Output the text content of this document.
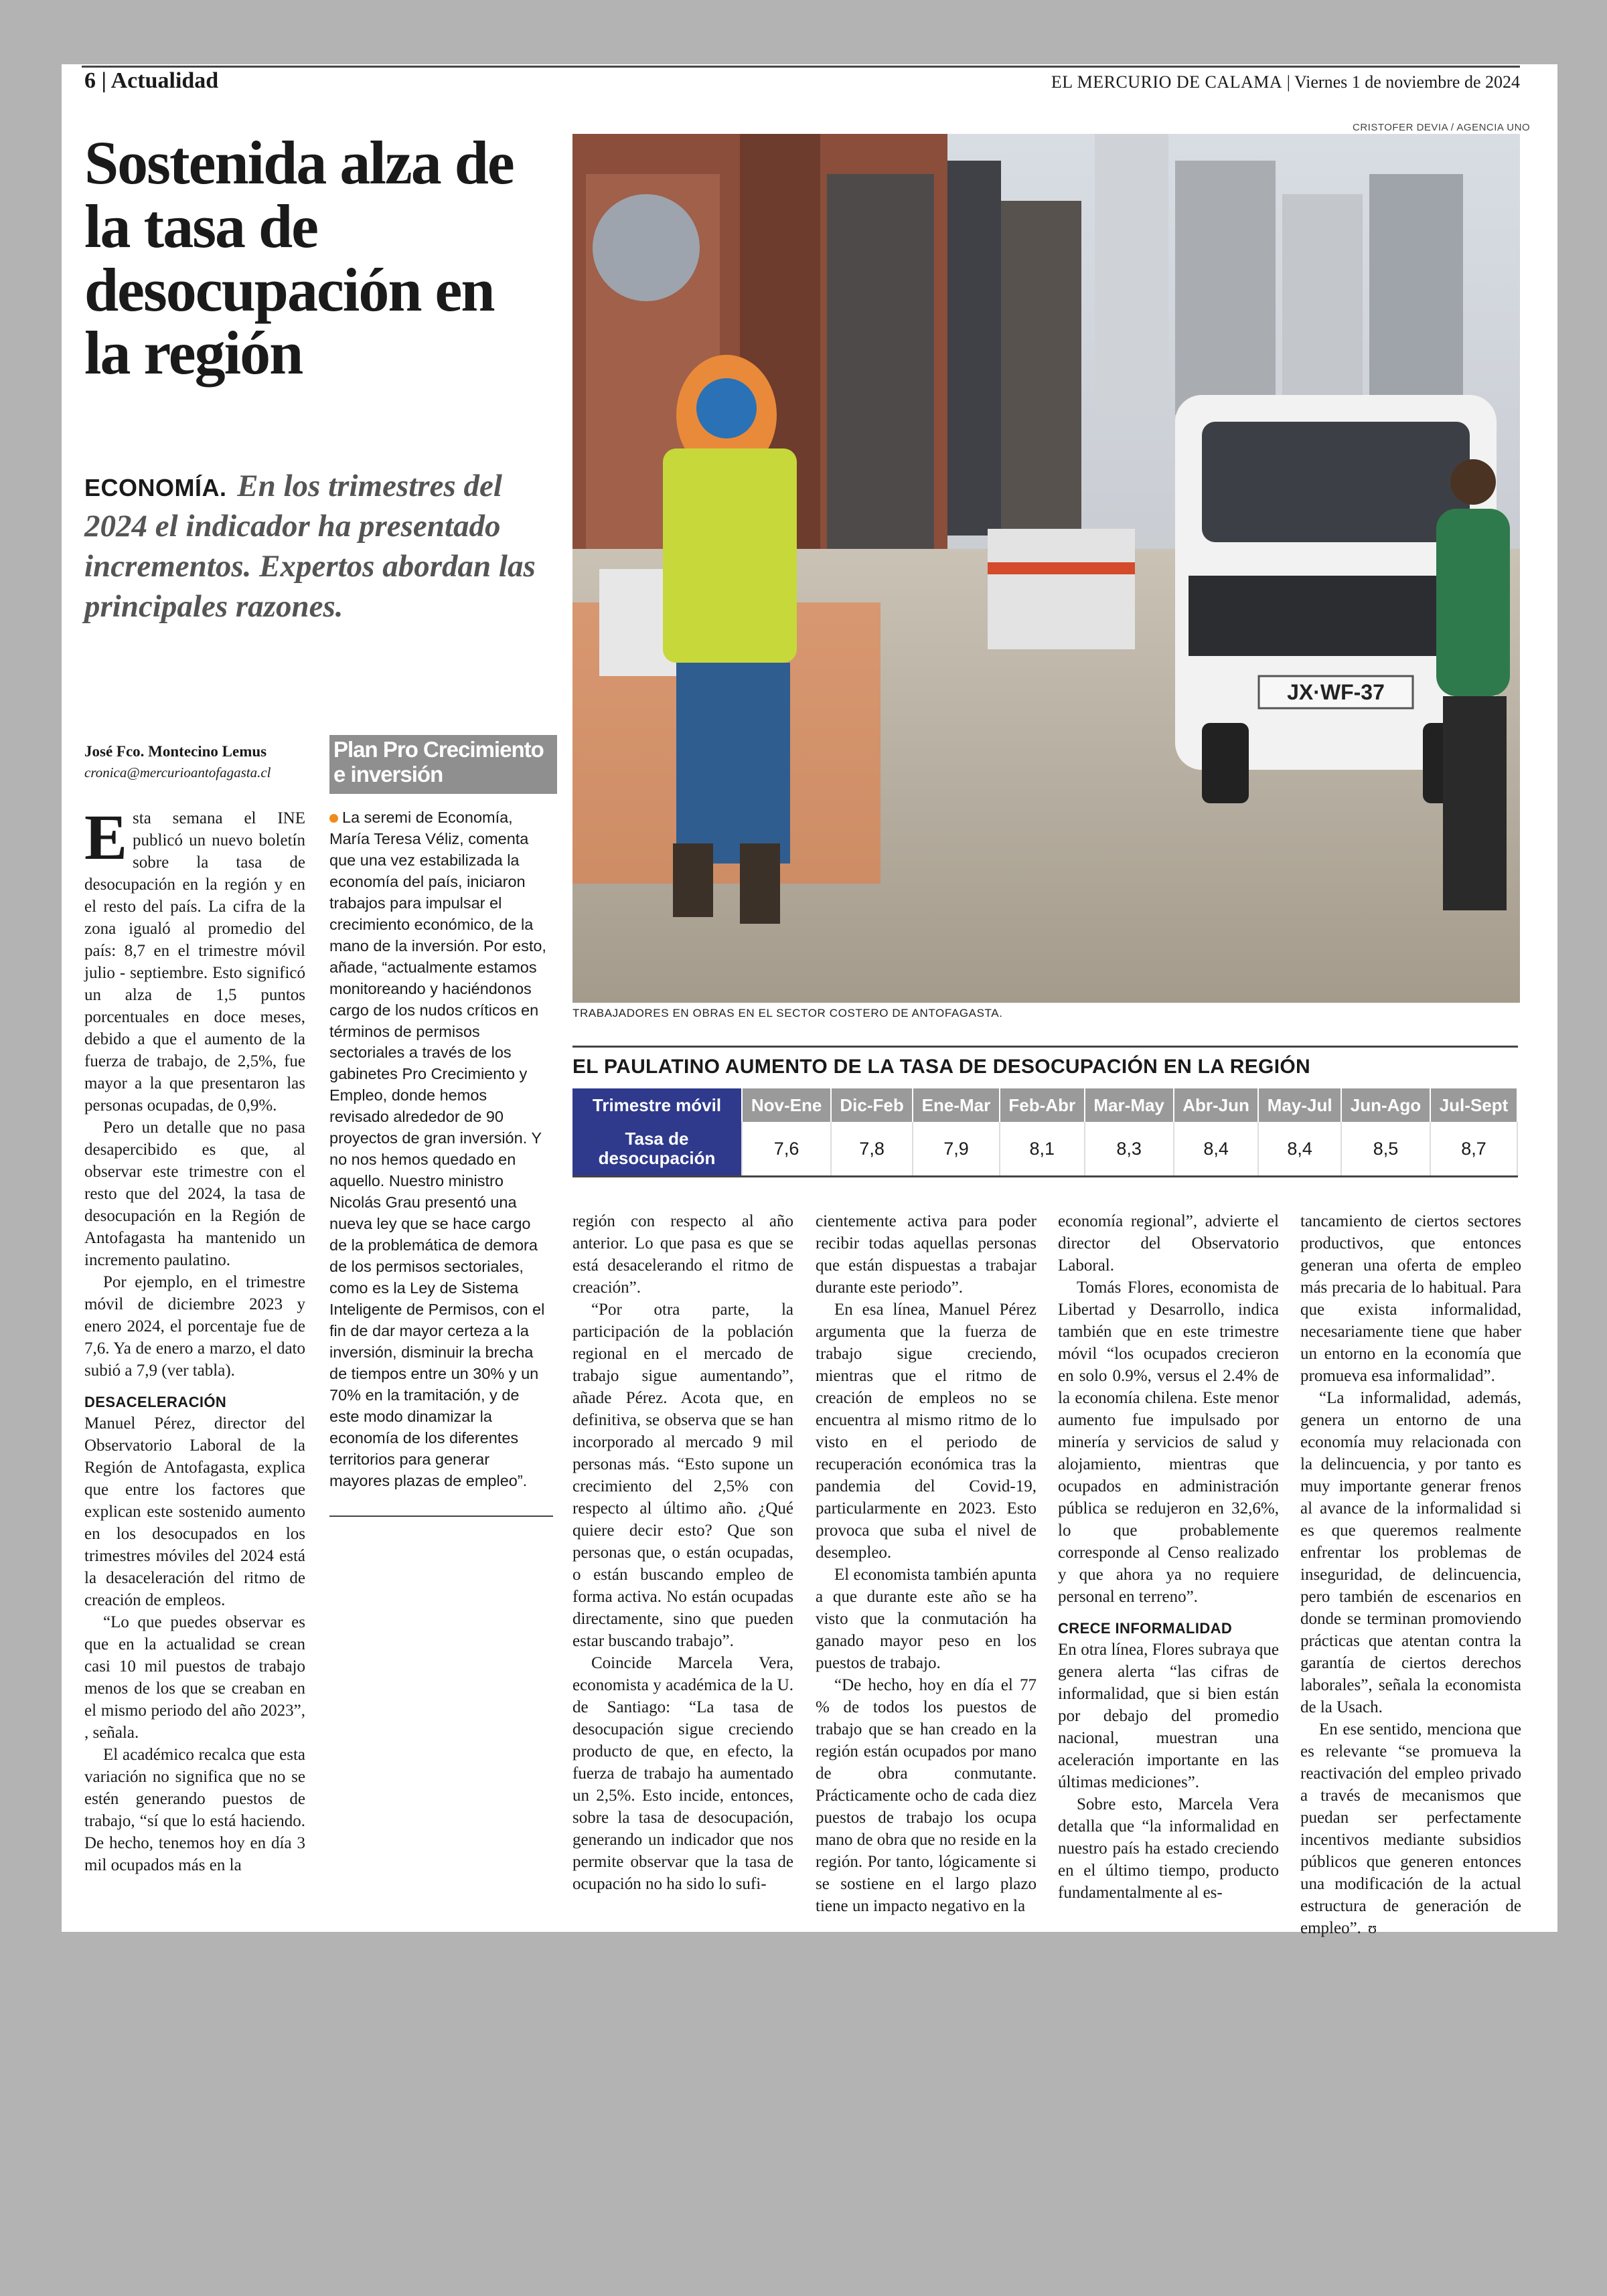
6 | Actualidad	EL MERCURIO DE CALAMA | Viernes 1 de noviembre de 2024
Sostenida alza de la tasa de desocupación en la región
ECONOMÍA. En los trimestres del 2024 el indicador ha presentado incrementos. Expertos abordan las principales razones.
CRISTOFER DEVIA / AGENCIA UNO
JX·WF-37
TRABAJADORES EN OBRAS EN EL SECTOR COSTERO DE ANTOFAGASTA.
José Fco. Montecino Lemus
cronica@mercurioantofagasta.cl

Esta semana el INE publicó un nuevo boletín sobre la tasa de desocupación en la región y en el resto del país. La cifra de la zona igualó al promedio del país: 8,7 en el trimestre móvil julio - septiembre. Esto significó un alza de 1,5 puntos porcentuales en doce meses, debido a que el aumento de la fuerza de trabajo, de 2,5%, fue mayor a la que presentaron las personas ocupadas, de 0,9%.

Pero un detalle que no pasa desapercibido es que, al observar este trimestre con el resto que del 2024, la tasa de desocupación en la Región de Antofagasta ha mantenido un incremento paulatino.

Por ejemplo, en el trimestre móvil de diciembre 2023 y enero 2024, el porcentaje fue de 7,6. Ya de enero a marzo, el dato subió a 7,9 (ver tabla).

DESACELERACIÓN

Manuel Pérez, director del Observatorio Laboral de la Región de Antofagasta, explica que entre los factores que explican este sostenido aumento en los desocupados en los trimestres móviles del 2024 está la desaceleración del ritmo de creación de empleos.

“Lo que puedes observar es que en la actualidad se crean casi 10 mil puestos de trabajo menos de los que se creaban en el mismo periodo del año 2023”, , señala.

El académico recalca que esta variación no significa que no se estén generando puestos de trabajo, “sí que lo está haciendo. De hecho, tenemos hoy en día 3 mil ocupados más en la

Plan Pro Crecimiento e inversión
La seremi de Economía, María Teresa Véliz, comenta que una vez estabilizada la economía del país, iniciaron trabajos para impulsar el crecimiento económico, de la mano de la inversión. Por esto, añade, “actualmente estamos monitoreando y haciéndonos cargo de los nudos críticos en términos de permisos sectoriales a través de los gabinetes Pro Crecimiento y Empleo, donde hemos revisado alrededor de 90 proyectos de gran inversión. Y no nos hemos quedado en aquello. Nuestro ministro Nicolás Grau presentó una nueva ley que se hace cargo de la problemática de demora de los permisos sectoriales, como es la Ley de Sistema Inteligente de Permisos, con el fin de dar mayor certeza a la inversión, disminuir la brecha de tiempos entre un 30% y un 70% en la tramitación, y de este modo dinamizar la economía de los diferentes territorios para generar mayores plazas de empleo”.
EL PAULATINO AUMENTO DE LA TASA DE DESOCUPACIÓN EN LA REGIÓN
Trimestre móvil	Nov-Ene	Dic-Feb	Ene-Mar	Feb-Abr	Mar-May	Abr-Jun	May-Jul	Jun-Ago	Jul-Sept
Tasa de desocupación	7,6	7,8	7,9	8,1	8,3	8,4	8,4	8,5	8,7

región con respecto al año anterior. Lo que pasa es que se está desacelerando el ritmo de creación”.

“Por otra parte, la participación de la población regional en el mercado de trabajo sigue aumentando”, añade Pérez. Acota que, en definitiva, se observa que se han incorporado al mercado 9 mil personas más. “Esto supone un crecimiento del 2,5% con respecto al último año. ¿Qué quiere decir esto? Que son personas que, o están ocupadas, o están buscando empleo de forma activa. No están ocupadas directamente, sino que pueden estar buscando trabajo”.

Coincide Marcela Vera, economista y académica de la U. de Santiago: “La tasa de desocupación sigue creciendo producto de que, en efecto, la fuerza de trabajo ha aumentado un 2,5%. Esto incide, entonces, sobre la tasa de desocupación, generando un indicador que nos permite observar que la tasa de ocupación no ha sido lo sufi-

cientemente activa para poder recibir todas aquellas personas que están dispuestas a trabajar durante este periodo”.

En esa línea, Manuel Pérez argumenta que la fuerza de trabajo sigue creciendo, mientras que el ritmo de creación de empleos no se encuentra al mismo ritmo de lo visto en el periodo de recuperación económica tras la pandemia del Covid-19, particularmente en 2023. Esto provoca que suba el nivel de desempleo.

El economista también apunta a que durante este año se ha visto que la conmutación ha ganado mayor peso en los puestos de trabajo.

“De hecho, hoy en día el 77 % de todos los puestos de trabajo que se han creado en la región están ocupados por mano de obra conmutante. Prácticamente ocho de cada diez puestos de trabajo los ocupa mano de obra que no reside en la región. Por tanto, lógicamente si se sostiene en el largo plazo tiene un impacto negativo en la

economía regional”, advierte el director del Observatorio Laboral.

Tomás Flores, economista de Libertad y Desarrollo, indica también que en este trimestre móvil “los ocupados crecieron en solo 0.9%, versus el 2.4% de la economía chilena. Este menor aumento fue impulsado por minería y servicios de salud y alojamiento, mientras que ocupados en administración pública se redujeron en 32,6%, lo que probablemente corresponde al Censo realizado y que ahora ya no requiere personal en terreno”.

CRECE INFORMALIDAD

En otra línea, Flores subraya que genera alerta “las cifras de informalidad, que si bien están por debajo del promedio nacional, muestran una aceleración importante en las últimas mediciones”.

Sobre esto, Marcela Vera detalla que “la informalidad en nuestro país ha estado creciendo en el último tiempo, producto fundamentalmente al es-

tancamiento de ciertos sectores productivos, que entonces generan una oferta de empleo más precaria de lo habitual. Para que exista informalidad, necesariamente tiene que haber un entorno en la economía que promueva esa informalidad”.

“La informalidad, además, genera un entorno de una economía muy relacionada con la delincuencia, y por tanto es muy importante generar frenos al avance de la informalidad si es que queremos realmente enfrentar los problemas de inseguridad, de delincuencia, pero también de escenarios en donde se terminan promoviendo prácticas que atentan contra la garantía de ciertos derechos laborales”, señala la economista de la Usach.

En ese sentido, menciona que es relevante “se promueva la reactivación del empleo privado a través de mecanismos que puedan ser perfectamente incentivos mediante subsidios públicos que generen entonces una modificación de la actual estructura de generación de empleo”. ʊ
